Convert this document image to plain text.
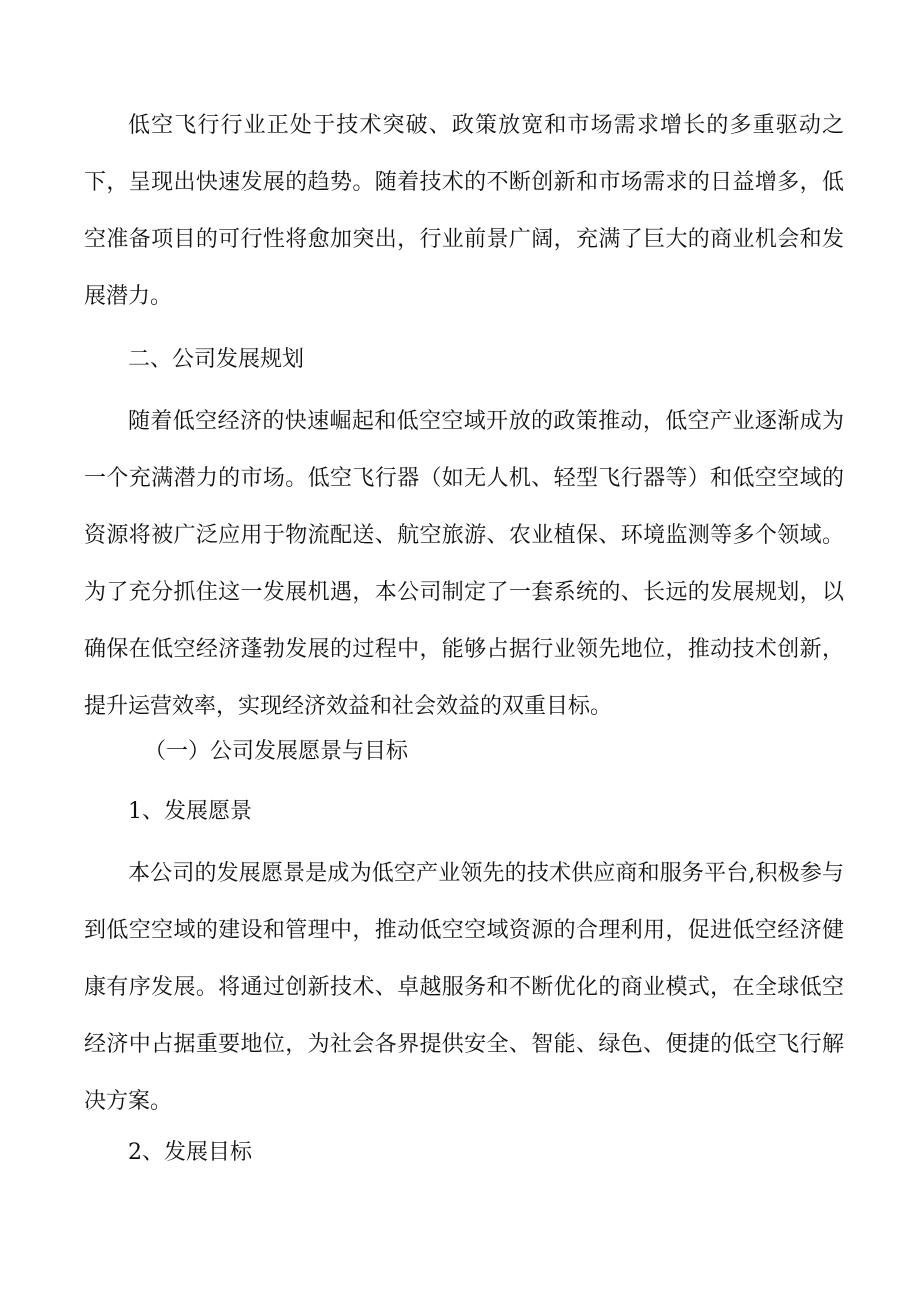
低空飞行行业正处于技术突破、政策放宽和市场需求增长的多重驱动之下，呈现出快速发展的趋势。随着技术的不断创新和市场需求的日益增多，低空准备项目的可行性将愈加突出，行业前景广阔，充满了巨大的商业机会和发展潜力。

二、公司发展规划

随着低空经济的快速崛起和低空空域开放的政策推动，低空产业逐渐成为一个充满潜力的市场。低空飞行器（如无人机、轻型飞行器等）和低空空域的资源将被广泛应用于物流配送、航空旅游、农业植保、环境监测等多个领域。为了充分抓住这一发展机遇，本公司制定了一套系统的、长远的发展规划，以确保在低空经济蓬勃发展的过程中，能够占据行业领先地位，推动技术创新，提升运营效率，实现经济效益和社会效益的双重目标。

（一）公司发展愿景与目标

1、发展愿景

本公司的发展愿景是成为低空产业领先的技术供应商和服务平台,积极参与到低空空域的建设和管理中，推动低空空域资源的合理利用，促进低空经济健康有序发展。将通过创新技术、卓越服务和不断优化的商业模式，在全球低空经济中占据重要地位，为社会各界提供安全、智能、绿色、便捷的低空飞行解决方案。

2、发展目标
